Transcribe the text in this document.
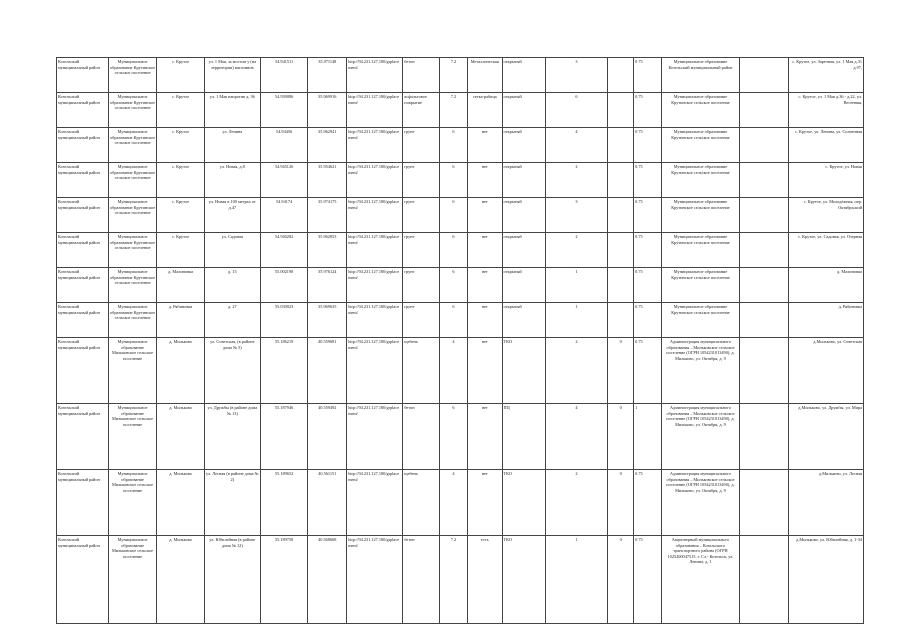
Козельский муниципальный район	Муниципальное образование Крутинское сельское поселение	с. Крутое	ул. 1 Мая, за мостом у (на территории) магазинов	54.941511	35.971148	http://94.231.127.180/grplacement/	бетон	7.2	Металлическая	открытый	3		0.75	Муниципальное образование Козельский муниципальный район		с. Крутое, ул. Заречная, ул. 1 Мая д.31 д.97,
Козельский муниципальный район	Муниципальное образование Крутинское сельское поселение	с. Крутое	ул. 1 Мая напротив д. 36	54.939086	35.969916	http://94.231.127.180/grplacement/	асфальтовое покрытие	7.2	сетка-рабица	открытый	6		0.75	Муниципальное образование Крутинское сельское поселение		с. Крутое, ул. 1 Мая д.36 - д.22, ул. Весенняя,
Козельский муниципальный район	Муниципальное образование Крутинское сельское поселение	с. Крутое	ул. Ленина	54.94456	35.962941	http://94.231.127.180/grplacement/	грунт	6	нет	открытый	4		0.75	Муниципальное образование Крутинское сельское поселение		с. Крутое, ул. Ленина, ул. Солнечная
Козельский муниципальный район	Муниципальное образование Крутинское сельское поселение	с. Крутое	ул. Новая, д.8	54.945126	35.954621	http://94.231.127.180/grplacement/	грунт	6	нет	открытый	2		0.75	Муниципальное образование Крутинское сельское поселение		с. Крутое, ул. Новая
Козельский муниципальный район	Муниципальное образование Крутинское сельское поселение	с. Крутое	ул. Новая в 100 метрах от д.47	54.94174	35.974175	http://94.231.127.180/grplacement/	грунт	6	нет	открытый	3		0.75	Муниципальное образование Крутинское сельское поселение		с. Крутое, ул. Молодёжная, пер. Октябрьский
Козельский муниципальный район	Муниципальное образование Крутинское сельское поселение	с. Крутое	ул. Садовая	54.940282	35.962853	http://94.231.127.180/grplacement/	грунт	6	нет	открытый	2		0.75	Муниципальное образование Крутинское сельское поселение		с. Крутое, ул. Садовая, ул. Озерная
Козельский муниципальный район	Муниципальное образование Крутинское сельское поселение	д. Малиновка	д. 15	55.002198	35.976124	http://94.231.127.180/grplacement/	грунт	6	нет	открытый	1		0.75	Муниципальное образование Крутинское сельское поселение		д. Малиновка
Козельский муниципальный район	Муниципальное образование Крутинское сельское поселение	д. Рябиновка	д. 27	55.030923	35.969635	http://94.231.127.180/grplacement/	грунт	6	нет	открытый	1		0.75	Муниципальное образование Крутинское сельское поселение		д. Рябиновка
Козельский муниципальный район	Муниципальное образование Мильковское сельское поселение	д. Мильково	ул. Советская, (в районе дома № 5)	55.186219	40.559681	http://94.231.127.180/grplacement/	щебень	4	нет	ТКО	2	0	0.75	Администрация муниципального образования – Мильковское сельское поселение (ОГРН 1054231013490), д. Мильково, ул. Октября, д. 9		д.Мильково, ул. Советская
Козельский муниципальный район	Муниципальное образование Мильковское сельское поселение	д. Мильково	ул. Дружбы (в районе дома № 13)	55.187946	40.559492	http://94.231.127.180/grplacement/	бетон	6	нет	ПЦ	4	0	1	Администрация муниципального образования – Мильковское сельское поселение (ОГРН 1054231013490), д. Мильково, ул. Октября, д. 9		д.Мильково, ул. Дружбы, ул. Мира
Козельский муниципальный район	Муниципальное образование Мильковское сельское поселение	д. Мильково	ул. Лесная (в районе дома № 2)	55.189652	40.561151	http://94.231.127.180/grplacement/	щебень	4	нет	ТКО	2	0	0.75	Администрация муниципального образования – Мильковское сельское поселение (ОГРН 1054231013490), д. Мильково, ул. Октября, д. 9		д.Мильково, ул. Лесная
Козельский муниципальный район	Муниципальное образование Мильковское сельское поселение	д. Мильково	ул. Юбилейная (в районе дома № 12)	55.189758	40.568668	http://94.231.127.180/grplacement/	бетон	7.2	есть	ТКО	1	0	0.75	Акционерный муниципального образования – Козельского транспортного района (ОГРН 1025200047515, г. Сл.- Козельск, ул. Ленина, д. 1		д.Мильково, ул. Юбилейная, д. 1-34
